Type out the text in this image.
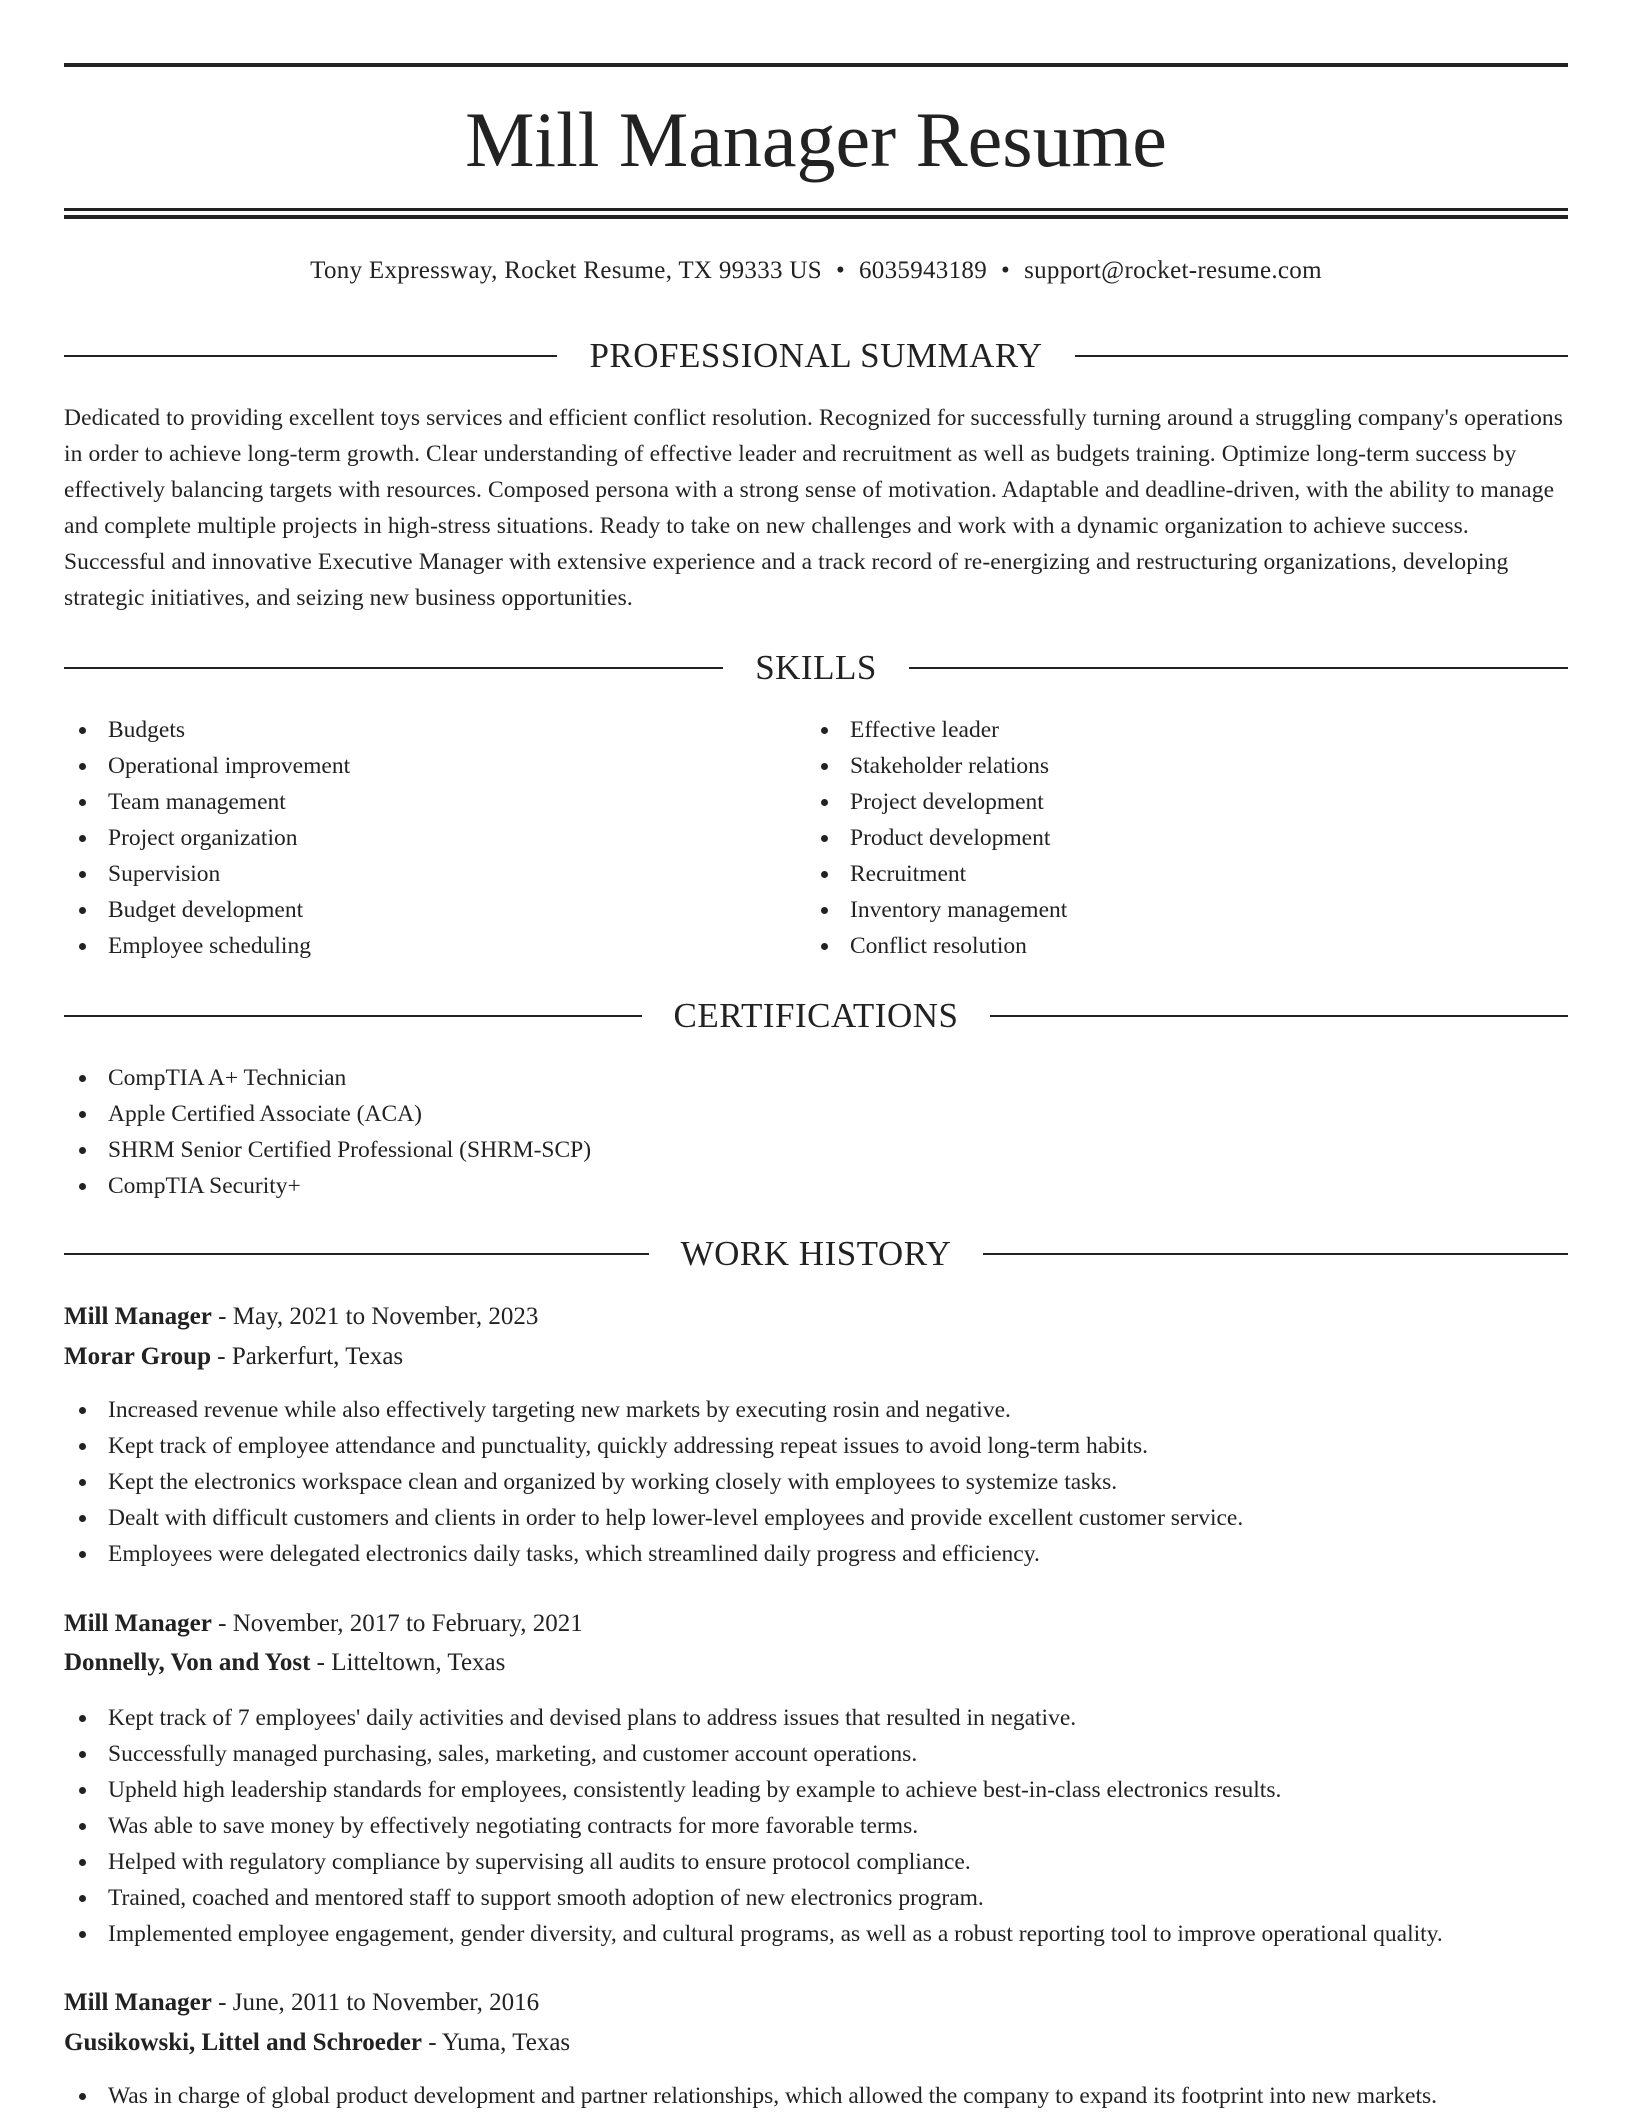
Mill Manager Resume
Tony Expressway, Rocket Resume, TX 99333 US • 6035943189 • support@rocket-resume.com
PROFESSIONAL SUMMARY
Dedicated to providing excellent toys services and efficient conflict resolution. Recognized for successfully turning around a struggling company's operations in order to achieve long-term growth. Clear understanding of effective leader and recruitment as well as budgets training. Optimize long-term success by effectively balancing targets with resources. Composed persona with a strong sense of motivation. Adaptable and deadline-driven, with the ability to manage and complete multiple projects in high-stress situations. Ready to take on new challenges and work with a dynamic organization to achieve success. Successful and innovative Executive Manager with extensive experience and a track record of re-energizing and restructuring organizations, developing strategic initiatives, and seizing new business opportunities.
SKILLS
Budgets
Operational improvement
Team management
Project organization
Supervision
Budget development
Employee scheduling
Effective leader
Stakeholder relations
Project development
Product development
Recruitment
Inventory management
Conflict resolution
CERTIFICATIONS
CompTIA A+ Technician
Apple Certified Associate (ACA)
SHRM Senior Certified Professional (SHRM-SCP)
CompTIA Security+
WORK HISTORY
Mill Manager - May, 2021 to November, 2023
Morar Group - Parkerfurt, Texas
Increased revenue while also effectively targeting new markets by executing rosin and negative.
Kept track of employee attendance and punctuality, quickly addressing repeat issues to avoid long-term habits.
Kept the electronics workspace clean and organized by working closely with employees to systemize tasks.
Dealt with difficult customers and clients in order to help lower-level employees and provide excellent customer service.
Employees were delegated electronics daily tasks, which streamlined daily progress and efficiency.
Mill Manager - November, 2017 to February, 2021
Donnelly, Von and Yost - Litteltown, Texas
Kept track of 7 employees' daily activities and devised plans to address issues that resulted in negative.
Successfully managed purchasing, sales, marketing, and customer account operations.
Upheld high leadership standards for employees, consistently leading by example to achieve best-in-class electronics results.
Was able to save money by effectively negotiating contracts for more favorable terms.
Helped with regulatory compliance by supervising all audits to ensure protocol compliance.
Trained, coached and mentored staff to support smooth adoption of new electronics program.
Implemented employee engagement, gender diversity, and cultural programs, as well as a robust reporting tool to improve operational quality.
Mill Manager - June, 2011 to November, 2016
Gusikowski, Littel and Schroeder - Yuma, Texas
Was in charge of global product development and partner relationships, which allowed the company to expand its footprint into new markets.
